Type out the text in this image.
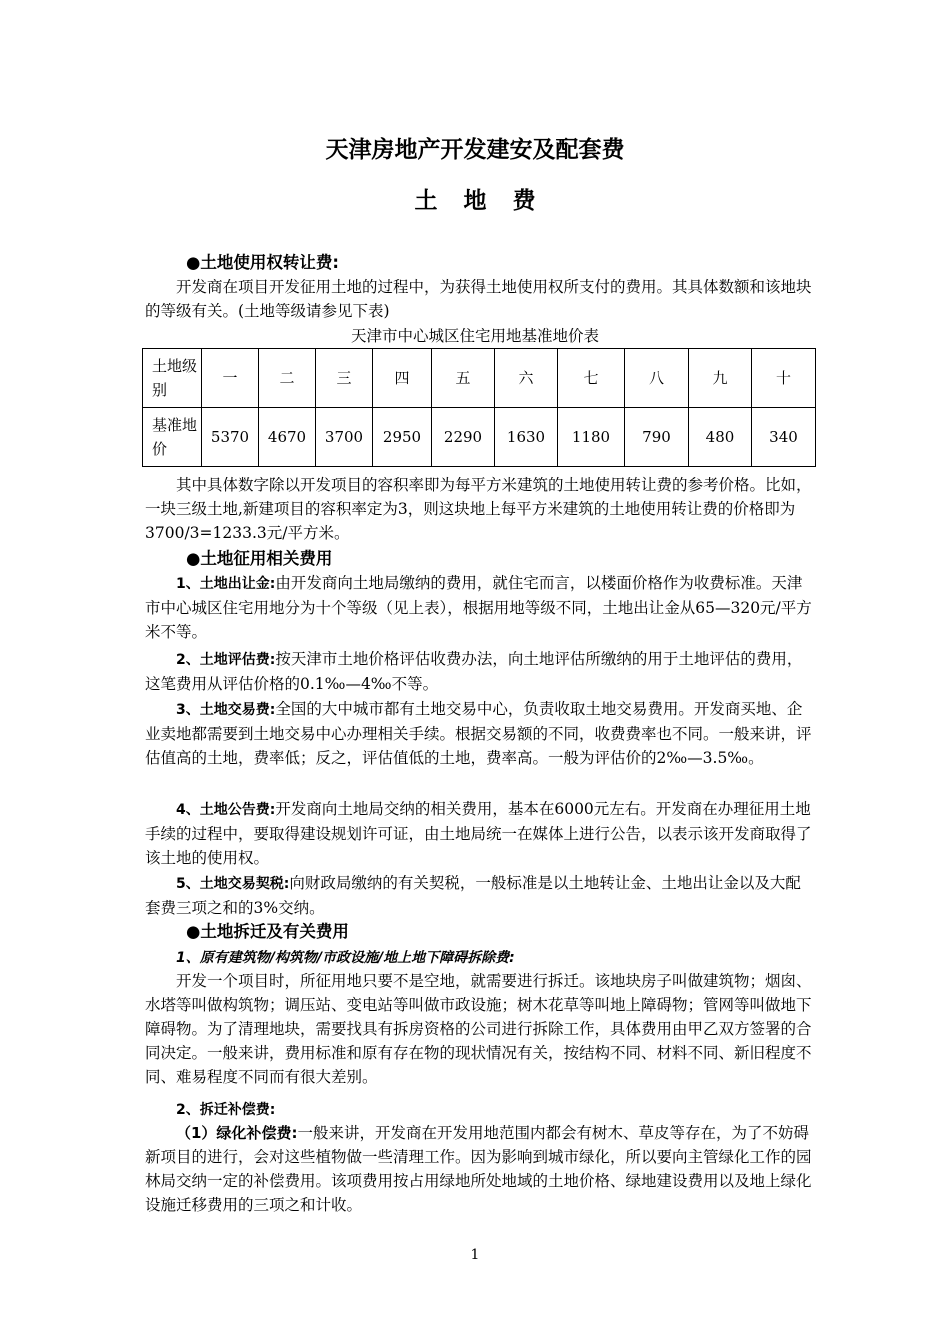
天津房地产开发建安及配套费
土地费
●土地使用权转让费:

开发商在项目开发征用土地的过程中，为获得土地使用权所支付的费用。其具体数额和该地块的等级有关。(土地等级请参见下表)

天津市中心城区住宅用地基准地价表
土地级别	一	二	三	四	五	六	七	八	九	十
基准地价	5370	4670	3700	2950	2290	1630	1180	790	480	340

其中具体数字除以开发项目的容积率即为每平方米建筑的土地使用转让费的参考价格。比如，一块三级土地,新建项目的容积率定为3，则这块地上每平方米建筑的土地使用转让费的价格即为3700/3=1233.3元/平方米。

●土地征用相关费用

1、土地出让金:由开发商向土地局缴纳的费用，就住宅而言，以楼面价格作为收费标准。天津市中心城区住宅用地分为十个等级（见上表），根据用地等级不同，土地出让金从65—320元/平方米不等。

2、土地评估费:按天津市土地价格评估收费办法，向土地评估所缴纳的用于土地评估的费用，这笔费用从评估价格的0.1‰—4‰不等。

3、土地交易费:全国的大中城市都有土地交易中心，负责收取土地交易费用。开发商买地、企业卖地都需要到土地交易中心办理相关手续。根据交易额的不同，收费费率也不同。一般来讲，评估值高的土地，费率低；反之，评估值低的土地，费率高。一般为评估价的2‰—3.5‰。

4、土地公告费:开发商向土地局交纳的相关费用，基本在6000元左右。开发商在办理征用土地手续的过程中，要取得建设规划许可证，由土地局统一在媒体上进行公告，以表示该开发商取得了该土地的使用权。

5、土地交易契税:向财政局缴纳的有关契税，一般标准是以土地转让金、土地出让金以及大配套费三项之和的3%交纳。

●土地拆迁及有关费用

1、原有建筑物/构筑物/市政设施/地上地下障碍拆除费:

开发一个项目时，所征用地只要不是空地，就需要进行拆迁。该地块房子叫做建筑物；烟囱、水塔等叫做构筑物；调压站、变电站等叫做市政设施；树木花草等叫地上障碍物；管网等叫做地下障碍物。为了清理地块，需要找具有拆房资格的公司进行拆除工作，具体费用由甲乙双方签署的合同决定。一般来讲，费用标准和原有存在物的现状情况有关，按结构不同、材料不同、新旧程度不同、难易程度不同而有很大差别。

2、拆迁补偿费:

（1）绿化补偿费:一般来讲，开发商在开发用地范围内都会有树木、草皮等存在，为了不妨碍新项目的进行，会对这些植物做一些清理工作。因为影响到城市绿化，所以要向主管绿化工作的园林局交纳一定的补偿费用。该项费用按占用绿地所处地域的土地价格、绿地建设费用以及地上绿化设施迁移费用的三项之和计收。

1
